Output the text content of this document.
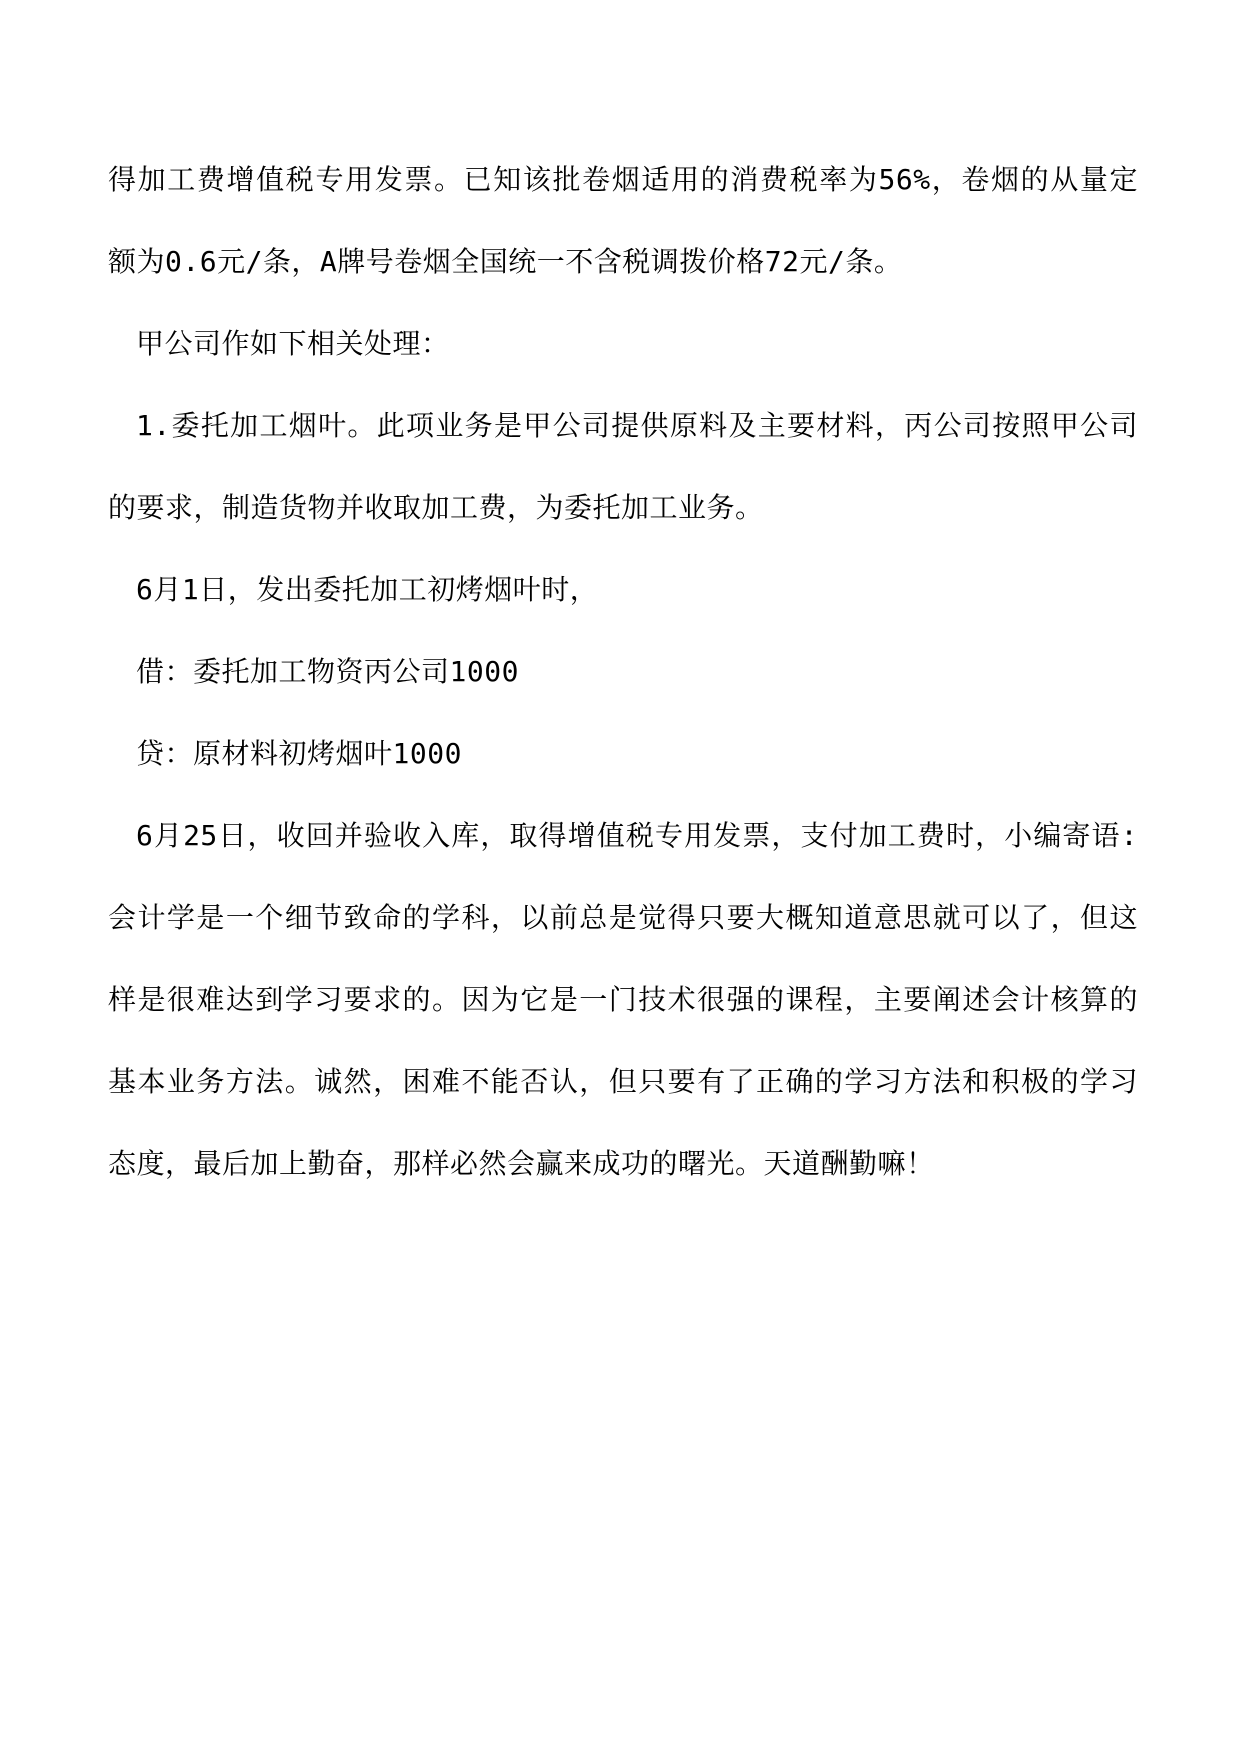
得加工费增值税专用发票。已知该批卷烟适用的消费税率为56%，卷烟的从量定
额为0.6元/条，A牌号卷烟全国统一不含税调拨价格72元/条。
甲公司作如下相关处理：
1.委托加工烟叶。此项业务是甲公司提供原料及主要材料，丙公司按照甲公司
的要求，制造货物并收取加工费，为委托加工业务。
6月1日，发出委托加工初烤烟叶时，
借：委托加工物资丙公司1000
贷：原材料初烤烟叶1000
6月25日，收回并验收入库，取得增值税专用发票，支付加工费时，小编寄语:
会计学是一个细节致命的学科，以前总是觉得只要大概知道意思就可以了，但这
样是很难达到学习要求的。因为它是一门技术很强的课程，主要阐述会计核算的
基本业务方法。诚然，困难不能否认，但只要有了正确的学习方法和积极的学习
态度，最后加上勤奋，那样必然会赢来成功的曙光。天道酬勤嘛！
